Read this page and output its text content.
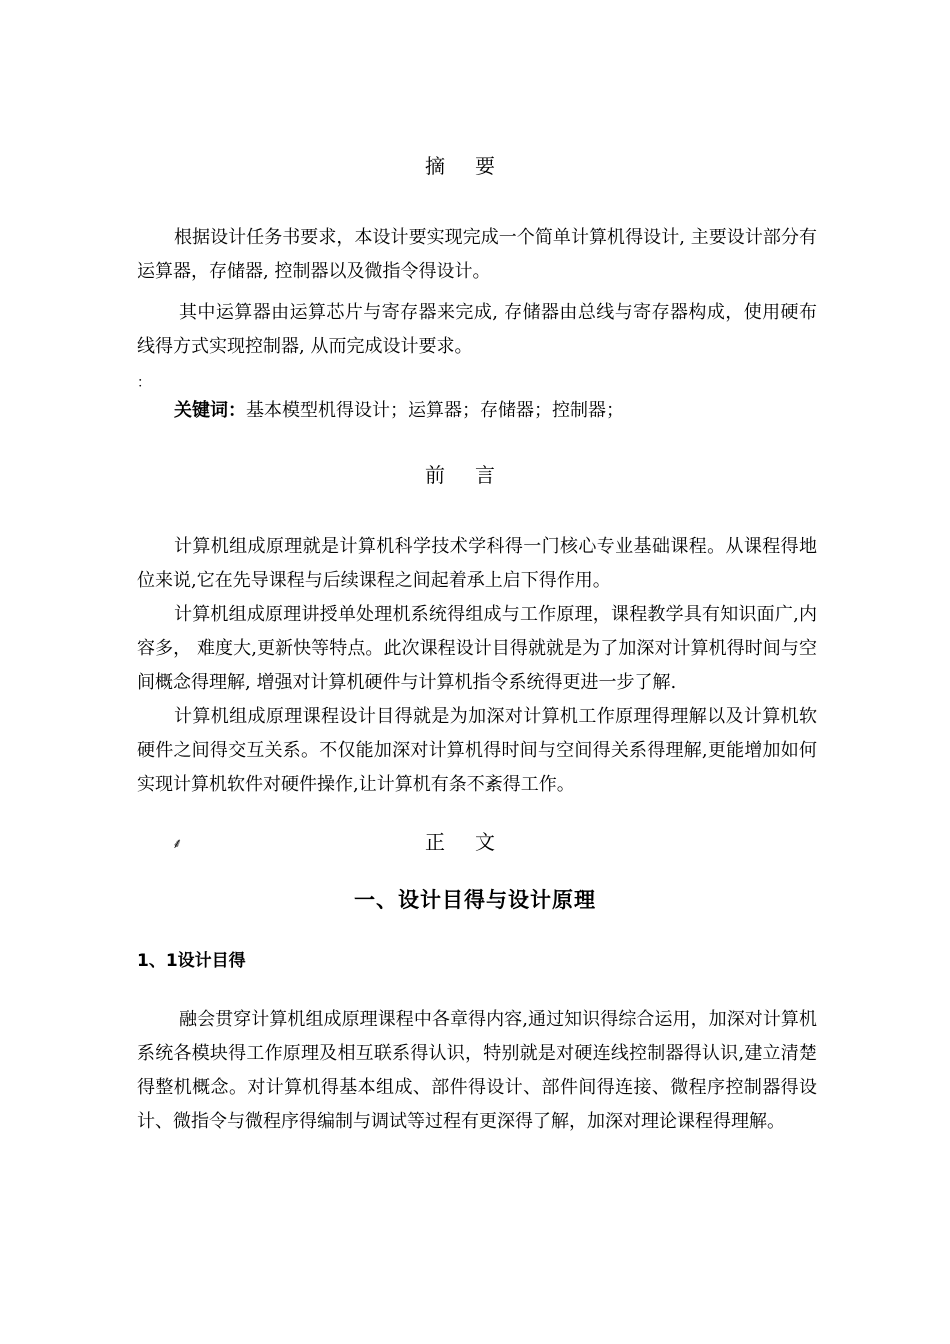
摘要

根据设计任务书要求，本设计要实现完成一个简单计算机得设计, 主要设计部分有运算器，存储器, 控制器以及微指令得设计。

其中运算器由运算芯片与寄存器来完成, 存储器由总线与寄存器构成，使用硬布线得方式实现控制器, 从而完成设计要求。

：

关键词：基本模型机得设计；运算器；存储器；控制器；

前言

计算机组成原理就是计算机科学技术学科得一门核心专业基础课程。从课程得地位来说,它在先导课程与后续课程之间起着承上启下得作用。

计算机组成原理讲授单处理机系统得组成与工作原理，课程教学具有知识面广,内容多， 难度大,更新快等特点。此次课程设计目得就就是为了加深对计算机得时间与空间概念得理解, 增强对计算机硬件与计算机指令系统得更进一步了解.

计算机组成原理课程设计目得就是为加深对计算机工作原理得理解以及计算机软硬件之间得交互关系。不仅能加深对计算机得时间与空间得关系得理解,更能增加如何实现计算机软件对硬件操作,让计算机有条不紊得工作。

⸙	正文
一、设计目得与设计原理
1、1设计目得

融会贯穿计算机组成原理课程中各章得内容,通过知识得综合运用，加深对计算机系统各模块得工作原理及相互联系得认识，特别就是对硬连线控制器得认识,建立清楚得整机概念。对计算机得基本组成、部件得设计、部件间得连接、微程序控制器得设计、微指令与微程序得编制与调试等过程有更深得了解，加深对理论课程得理解。
